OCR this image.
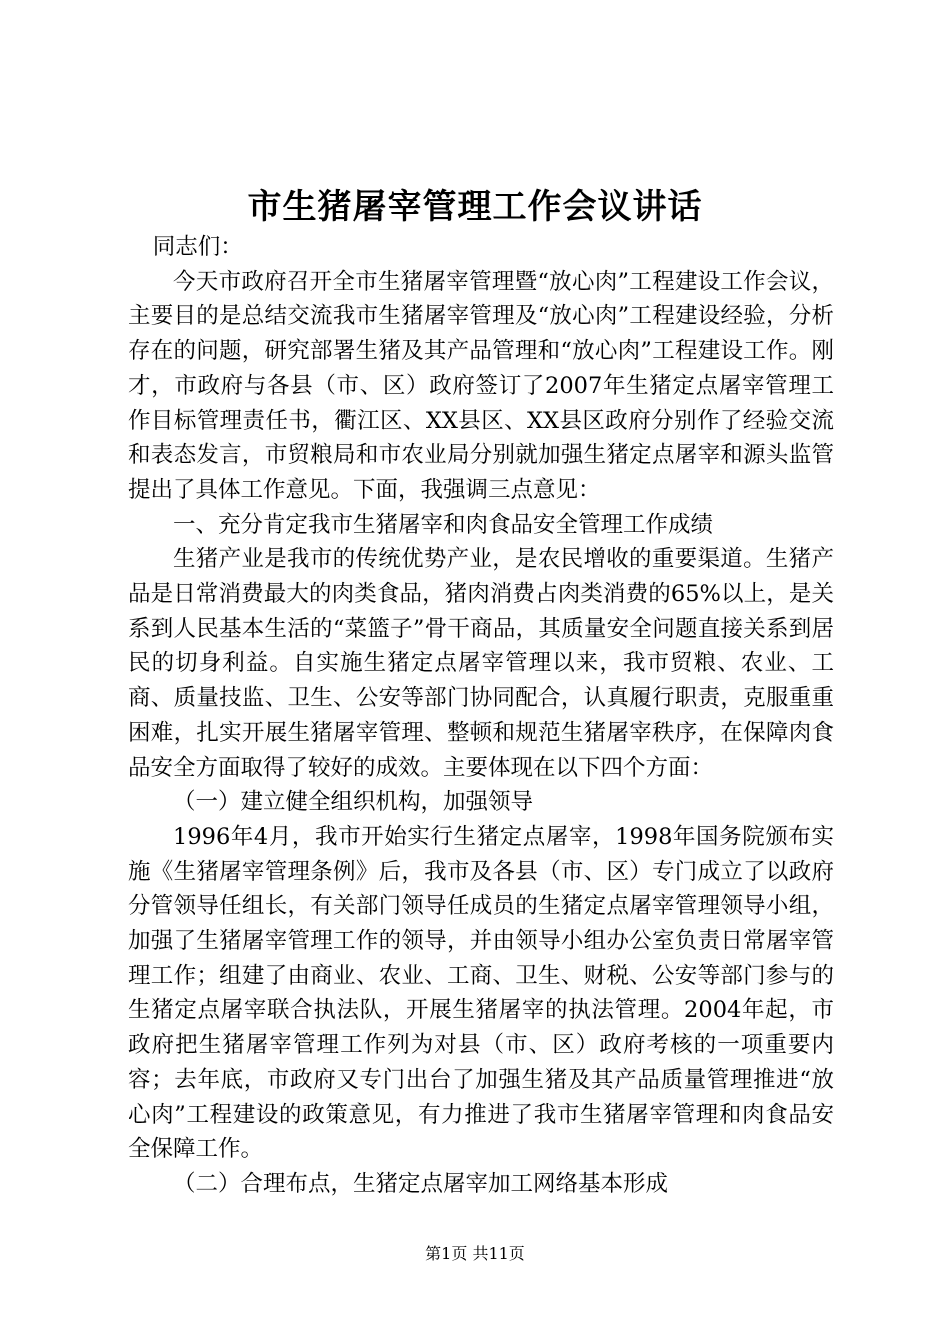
市生猪屠宰管理工作会议讲话

同志们：

今天市政府召开全市生猪屠宰管理暨“放心肉”工程建设工作会议，主要目的是总结交流我市生猪屠宰管理及“放心肉”工程建设经验，分析存在的问题，研究部署生猪及其产品管理和“放心肉”工程建设工作。刚才，市政府与各县（市、区）政府签订了2007年生猪定点屠宰管理工作目标管理责任书，衢江区、XX县区、XX县区政府分别作了经验交流和表态发言，市贸粮局和市农业局分别就加强生猪定点屠宰和源头监管提出了具体工作意见。下面，我强调三点意见：

一、充分肯定我市生猪屠宰和肉食品安全管理工作成绩

生猪产业是我市的传统优势产业，是农民增收的重要渠道。生猪产品是日常消费最大的肉类食品，猪肉消费占肉类消费的65%以上，是关系到人民基本生活的“菜篮子”骨干商品，其质量安全问题直接关系到居民的切身利益。自实施生猪定点屠宰管理以来，我市贸粮、农业、工商、质量技监、卫生、公安等部门协同配合，认真履行职责，克服重重困难，扎实开展生猪屠宰管理、整顿和规范生猪屠宰秩序，在保障肉食品安全方面取得了较好的成效。主要体现在以下四个方面：

（一）建立健全组织机构，加强领导

1996年4月，我市开始实行生猪定点屠宰，1998年国务院颁布实施《生猪屠宰管理条例》后，我市及各县（市、区）专门成立了以政府分管领导任组长，有关部门领导任成员的生猪定点屠宰管理领导小组，加强了生猪屠宰管理工作的领导，并由领导小组办公室负责日常屠宰管理工作；组建了由商业、农业、工商、卫生、财税、公安等部门参与的生猪定点屠宰联合执法队，开展生猪屠宰的执法管理。2004年起，市政府把生猪屠宰管理工作列为对县（市、区）政府考核的一项重要内容；去年底，市政府又专门出台了加强生猪及其产品质量管理推进“放心肉”工程建设的政策意见，有力推进了我市生猪屠宰管理和肉食品安全保障工作。

（二）合理布点，生猪定点屠宰加工网络基本形成

第1页 共11页
